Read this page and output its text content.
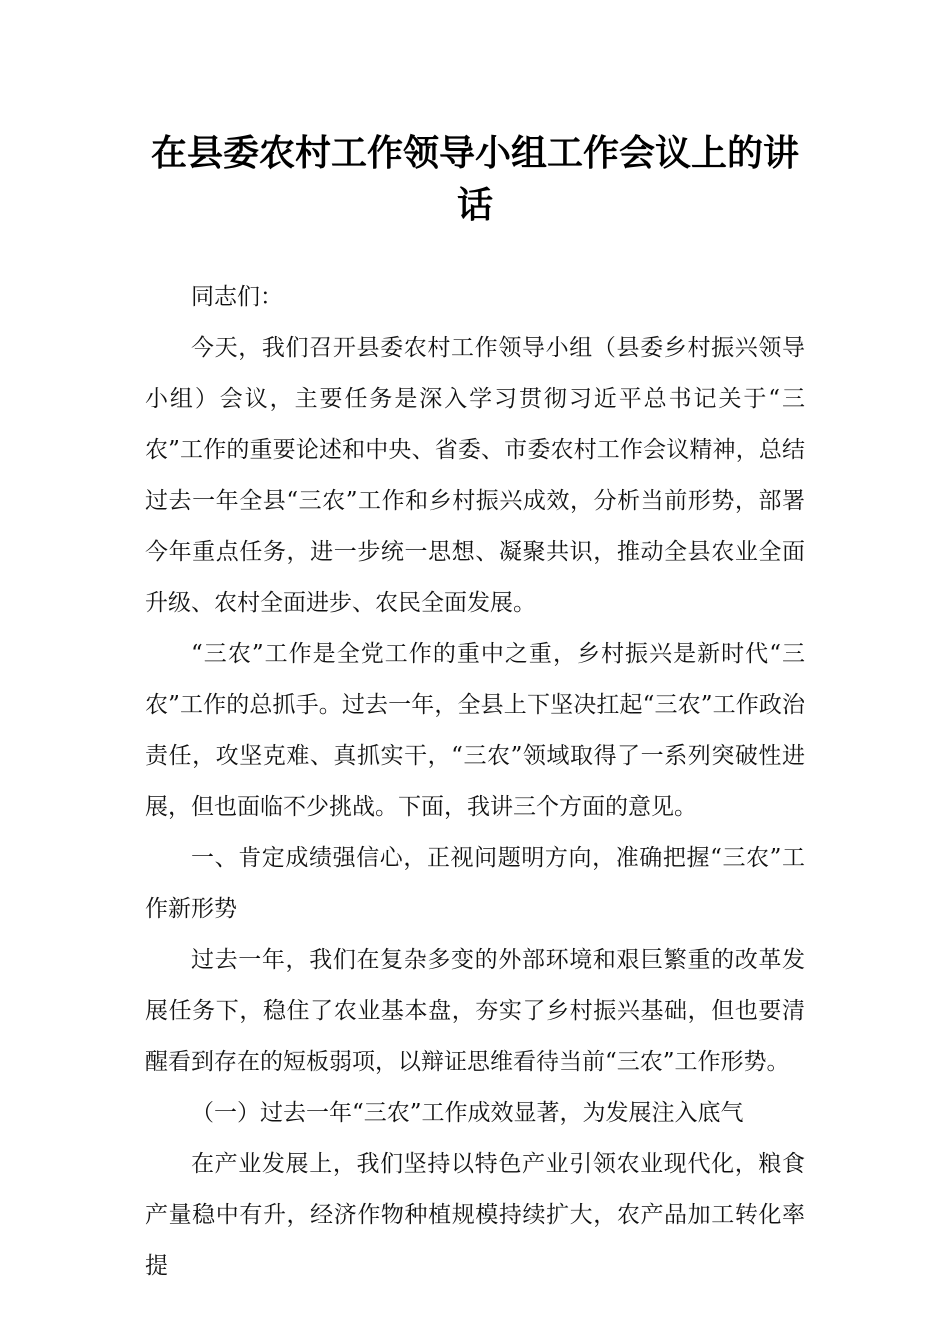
在县委农村工作领导小组工作会议上的讲话

同志们：

今天，我们召开县委农村工作领导小组（县委乡村振兴领导小组）会议，主要任务是深入学习贯彻习近平总书记关于“三农”工作的重要论述和中央、省委、市委农村工作会议精神，总结过去一年全县“三农”工作和乡村振兴成效，分析当前形势，部署今年重点任务，进一步统一思想、凝聚共识，推动全县农业全面升级、农村全面进步、农民全面发展。

“三农”工作是全党工作的重中之重，乡村振兴是新时代“三农”工作的总抓手。过去一年，全县上下坚决扛起“三农”工作政治责任，攻坚克难、真抓实干，“三农”领域取得了一系列突破性进展，但也面临不少挑战。下面，我讲三个方面的意见。

一、肯定成绩强信心，正视问题明方向，准确把握“三农”工作新形势

过去一年，我们在复杂多变的外部环境和艰巨繁重的改革发展任务下，稳住了农业基本盘，夯实了乡村振兴基础，但也要清醒看到存在的短板弱项，以辩证思维看待当前“三农”工作形势。

（一）过去一年“三农”工作成效显著，为发展注入底气

在产业发展上，我们坚持以特色产业引领农业现代化，粮食产量稳中有升，经济作物种植规模持续扩大，农产品加工转化率提
